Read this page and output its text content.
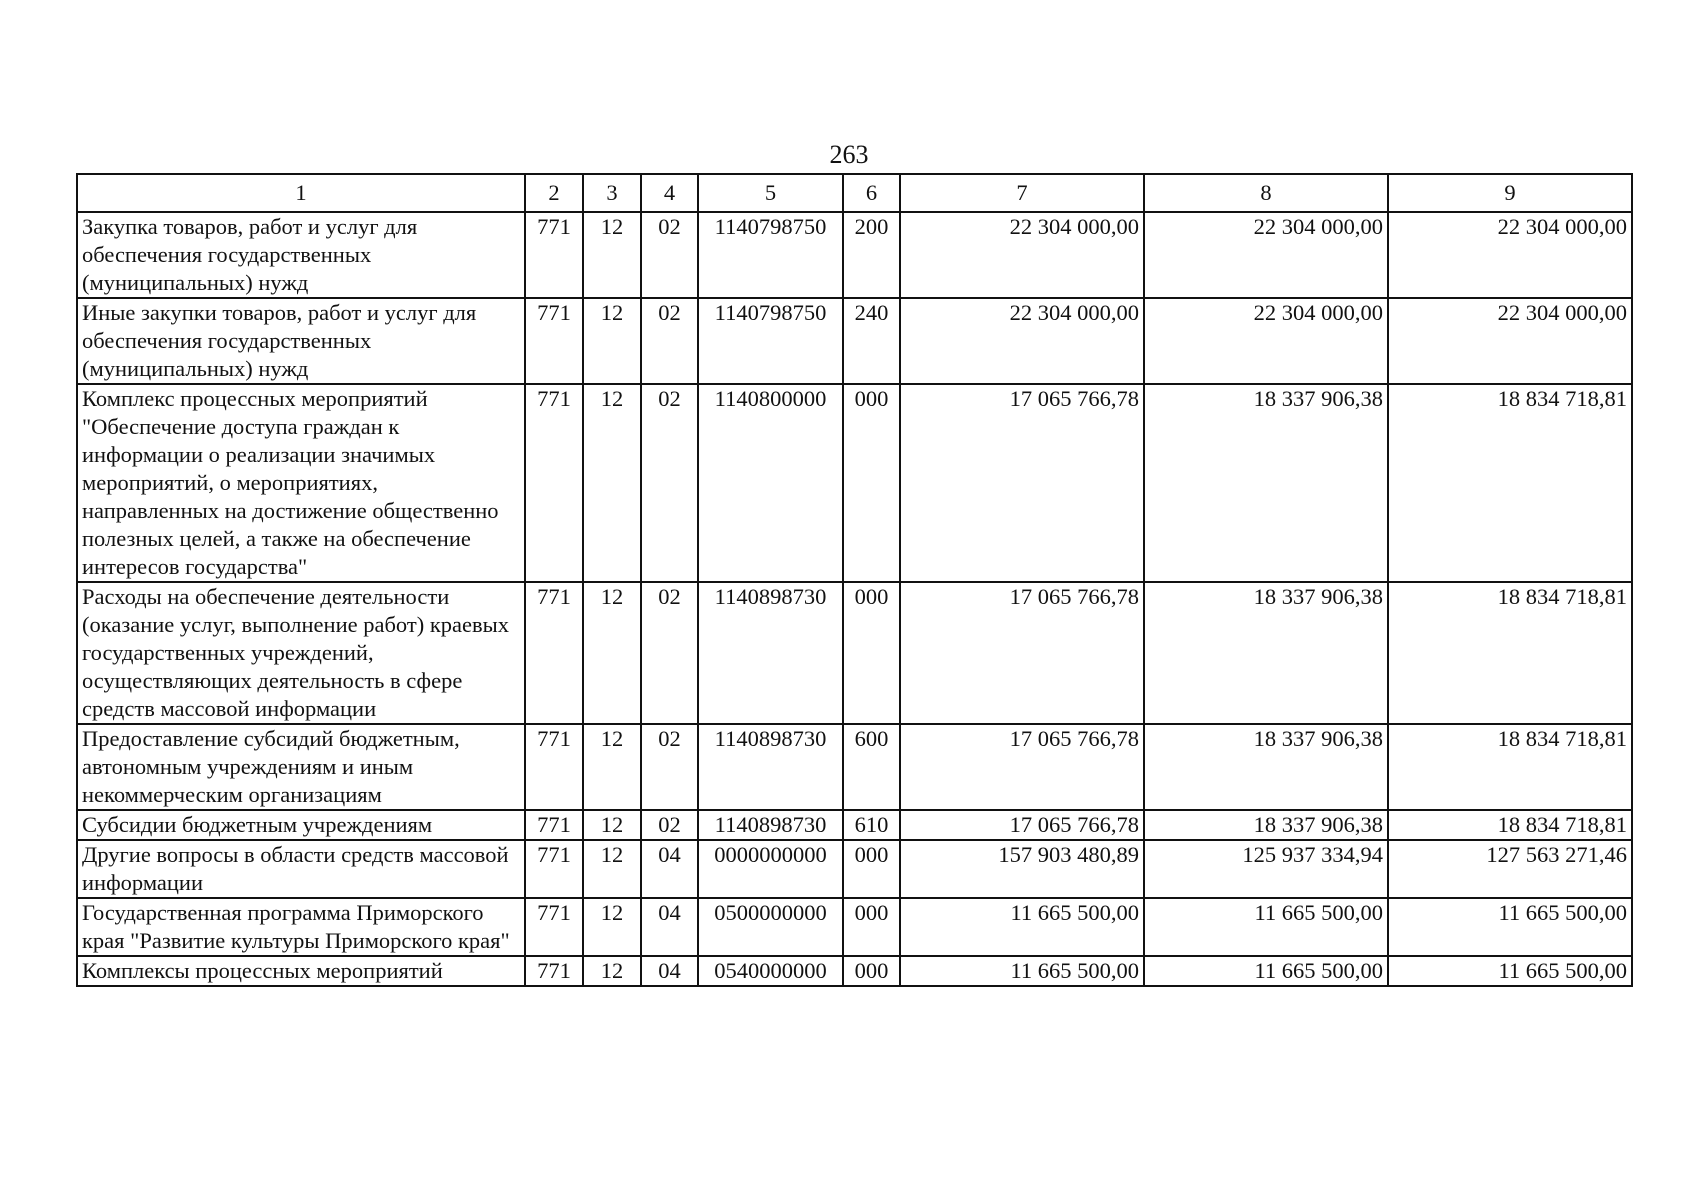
263
1	2	3	4	5	6	7	8	9
Закупка товаров, работ и услуг для обеспечения государственных (муниципальных) нужд	771	12	02	1140798750	200	22 304 000,00	22 304 000,00	22 304 000,00
Иные закупки товаров, работ и услуг для обеспечения государственных (муниципальных) нужд	771	12	02	1140798750	240	22 304 000,00	22 304 000,00	22 304 000,00
Комплекс процессных мероприятий "Обеспечение доступа граждан к информации о реализации значимых мероприятий, о мероприятиях, направленных на достижение общественно полезных целей, а также на обеспечение интересов государства"	771	12	02	1140800000	000	17 065 766,78	18 337 906,38	18 834 718,81
Расходы на обеспечение деятельности (оказание услуг, выполнение работ) краевых государственных учреждений, осуществляющих деятельность в сфере средств массовой информации	771	12	02	1140898730	000	17 065 766,78	18 337 906,38	18 834 718,81
Предоставление субсидий бюджетным, автономным учреждениям и иным некоммерческим организациям	771	12	02	1140898730	600	17 065 766,78	18 337 906,38	18 834 718,81
Субсидии бюджетным учреждениям	771	12	02	1140898730	610	17 065 766,78	18 337 906,38	18 834 718,81
Другие вопросы в области средств массовой информации	771	12	04	0000000000	000	157 903 480,89	125 937 334,94	127 563 271,46
Государственная программа Приморского края "Развитие культуры Приморского края"	771	12	04	0500000000	000	11 665 500,00	11 665 500,00	11 665 500,00
Комплексы процессных мероприятий	771	12	04	0540000000	000	11 665 500,00	11 665 500,00	11 665 500,00
